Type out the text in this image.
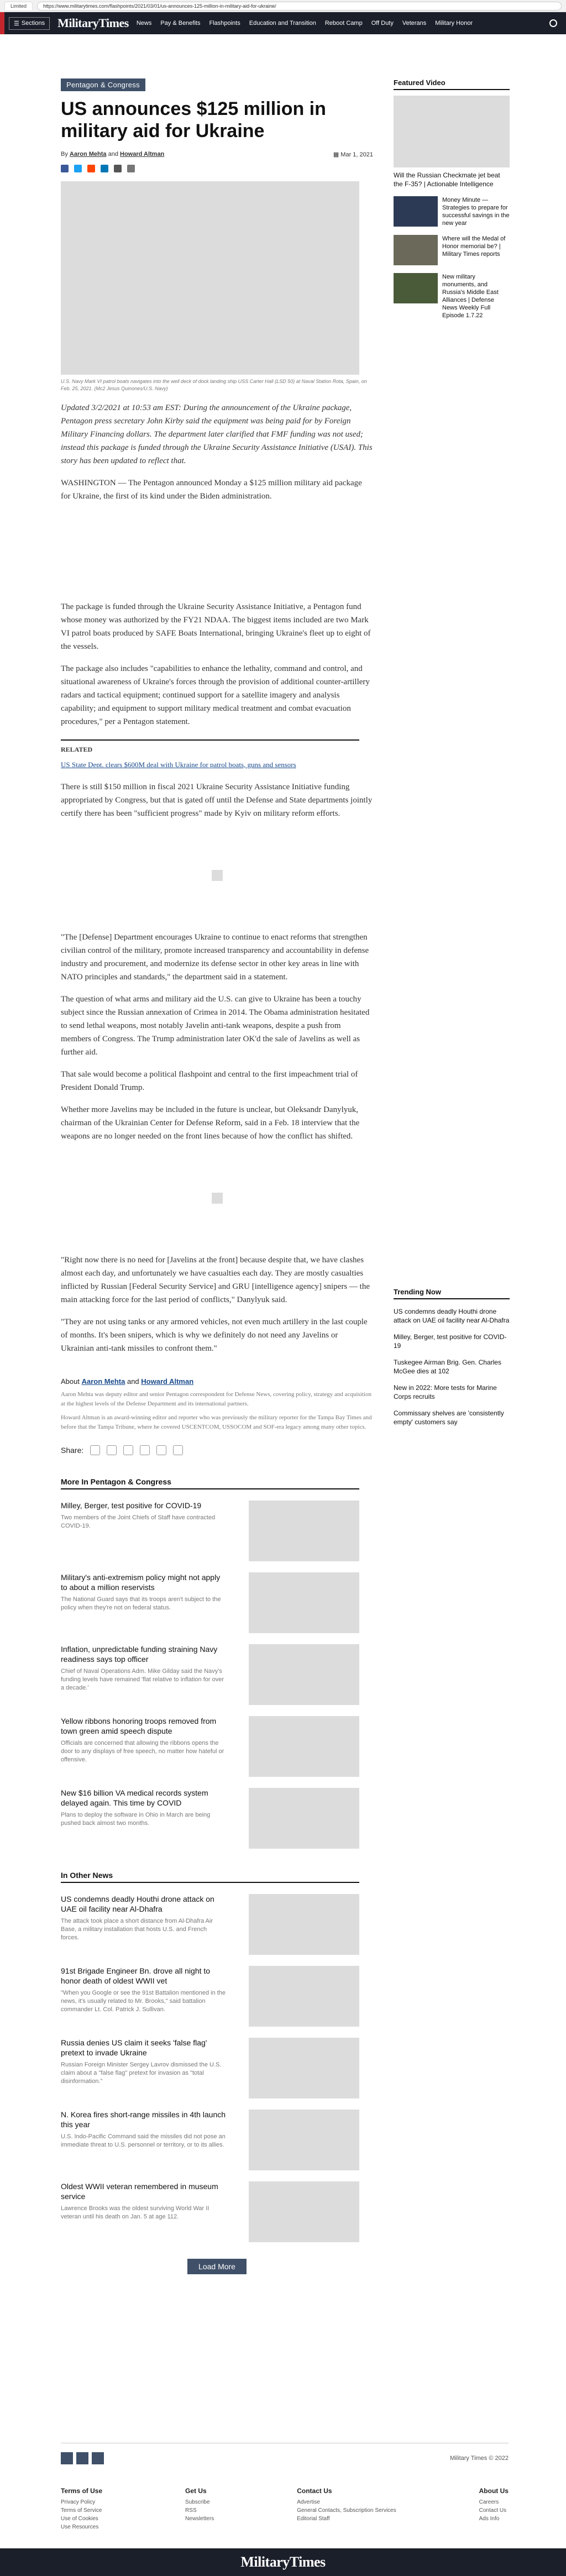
Limited	https://www.militarytimes.com/flashpoints/2021/03/01/us-announces-125-million-in-military-aid-for-ukraine/
☰ Sections MilitaryTimes News Pay & Benefits Flashpoints Education and Transition Reboot Camp Off Duty Veterans Military Honor
Pentagon & Congress
US announces $125 million in military aid for Ukraine
By Aaron Mehta and Howard Altman	▦ Mar 1, 2021
U.S. Navy Mark VI patrol boats navigates into the well deck of dock landing ship USS Carter Hall (LSD 50) at Naval Station Rota, Spain, on Feb. 25, 2021. (Mc2 Jesus Quinones/U.S. Navy)

Updated 3/2/2021 at 10:53 am EST: During the announcement of the Ukraine package, Pentagon press secretary John Kirby said the equipment was being paid for by Foreign Military Financing dollars. The department later clarified that FMF funding was not used; instead this package is funded through the Ukraine Security Assistance Initiative (USAI). This story has been updated to reflect that.

WASHINGTON — The Pentagon announced Monday a $125 million military aid package for Ukraine, the first of its kind under the Biden administration.

The package is funded through the Ukraine Security Assistance Initiative, a Pentagon fund whose money was authorized by the FY21 NDAA. The biggest items included are two Mark VI patrol boats produced by SAFE Boats International, bringing Ukraine's fleet up to eight of the vessels.

The package also includes "capabilities to enhance the lethality, command and control, and situational awareness of Ukraine's forces through the provision of additional counter-artillery radars and tactical equipment; continued support for a satellite imagery and analysis capability; and equipment to support military medical treatment and combat evacuation procedures," per a Pentagon statement.

RELATED
US State Dept. clears $600M deal with Ukraine for patrol boats, guns and sensors

There is still $150 million in fiscal 2021 Ukraine Security Assistance Initiative funding appropriated by Congress, but that is gated off until the Defense and State departments jointly certify there has been "sufficient progress" made by Kyiv on military reform efforts.

"The [Defense] Department encourages Ukraine to continue to enact reforms that strengthen civilian control of the military, promote increased transparency and accountability in defense industry and procurement, and modernize its defense sector in other key areas in line with NATO principles and standards," the department said in a statement.

The question of what arms and military aid the U.S. can give to Ukraine has been a touchy subject since the Russian annexation of Crimea in 2014. The Obama administration hesitated to send lethal weapons, most notably Javelin anti-tank weapons, despite a push from members of Congress. The Trump administration later OK'd the sale of Javelins as well as further aid.

That sale would become a political flashpoint and central to the first impeachment trial of President Donald Trump.

Whether more Javelins may be included in the future is unclear, but Oleksandr Danylyuk, chairman of the Ukrainian Center for Defense Reform, said in a Feb. 18 interview that the weapons are no longer needed on the front lines because of how the conflict has shifted.

"Right now there is no need for [Javelins at the front] because despite that, we have clashes almost each day, and unfortunately we have casualties each day. They are mostly casualties inflicted by Russian [Federal Security Service] and GRU [intelligence agency] snipers — the main attacking force for the last period of conflicts," Danylyuk said.

"They are not using tanks or any armored vehicles, not even much artillery in the last couple of months. It's been snipers, which is why we definitely do not need any Javelins or Ukrainian anti-tank missiles to confront them."

About Aaron Mehta and Howard Altman

Aaron Mehta was deputy editor and senior Pentagon correspondent for Defense News, covering policy, strategy and acquisition at the highest levels of the Defense Department and its international partners.

Howard Altman is an award-winning editor and reporter who was previously the military reporter for the Tampa Bay Times and before that the Tampa Tribune, where he covered USCENTCOM, USSOCOM and SOF-era legacy among many other topics.

Share:
More In Pentagon & Congress
Milley, Berger, test positive for COVID-19
Two members of the Joint Chiefs of Staff have contracted COVID-19.
Military's anti-extremism policy might not apply to about a million reservists
The National Guard says that its troops aren't subject to the policy when they're not on federal status.
Inflation, unpredictable funding straining Navy readiness says top officer
Chief of Naval Operations Adm. Mike Gilday said the Navy's funding levels have remained 'flat relative to inflation for over a decade.'
Yellow ribbons honoring troops removed from town green amid speech dispute
Officials are concerned that allowing the ribbons opens the door to any displays of free speech, no matter how hateful or offensive.
New $16 billion VA medical records system delayed again. This time by COVID
Plans to deploy the software in Ohio in March are being pushed back almost two months.
In Other News
US condemns deadly Houthi drone attack on UAE oil facility near Al-Dhafra
The attack took place a short distance from Al-Dhafra Air Base, a military installation that hosts U.S. and French forces.
91st Brigade Engineer Bn. drove all night to honor death of oldest WWII vet
"When you Google or see the 91st Battalion mentioned in the news, it's usually related to Mr. Brooks," said battalion commander Lt. Col. Patrick J. Sullivan.
Russia denies US claim it seeks 'false flag' pretext to invade Ukraine
Russian Foreign Minister Sergey Lavrov dismissed the U.S. claim about a "false flag" pretext for invasion as "total disinformation."
N. Korea fires short-range missiles in 4th launch this year
U.S. Indo-Pacific Command said the missiles did not pose an immediate threat to U.S. personnel or territory, or to its allies.
Oldest WWII veteran remembered in museum service
Lawrence Brooks was the oldest surviving World War II veteran until his death on Jan. 5 at age 112.
Load More
Featured Video
Will the Russian Checkmate jet beat the F-35? | Actionable Intelligence
Money Minute — Strategies to prepare for successful savings in the new year
Where will the Medal of Honor memorial be? | Military Times reports
New military monuments, and Russia's Middle East Alliances | Defense News Weekly Full Episode 1.7.22
Trending Now
US condemns deadly Houthi drone attack on UAE oil facility near Al-Dhafra
Milley, Berger, test positive for COVID-19
Tuskegee Airman Brig. Gen. Charles McGee dies at 102
New in 2022: More tests for Marine Corps recruits
Commissary shelves are 'consistently empty' customers say
Military Times © 2022
Terms of Use
Privacy Policy
Terms of Service
Use of Cookies
Use Resources
Get Us
Subscribe
RSS
Newsletters
Contact Us
Advertise
General Contacts, Subscription Services
Editorial Staff
About Us
Careers
Contact Us
Ads Info
MilitaryTimes
